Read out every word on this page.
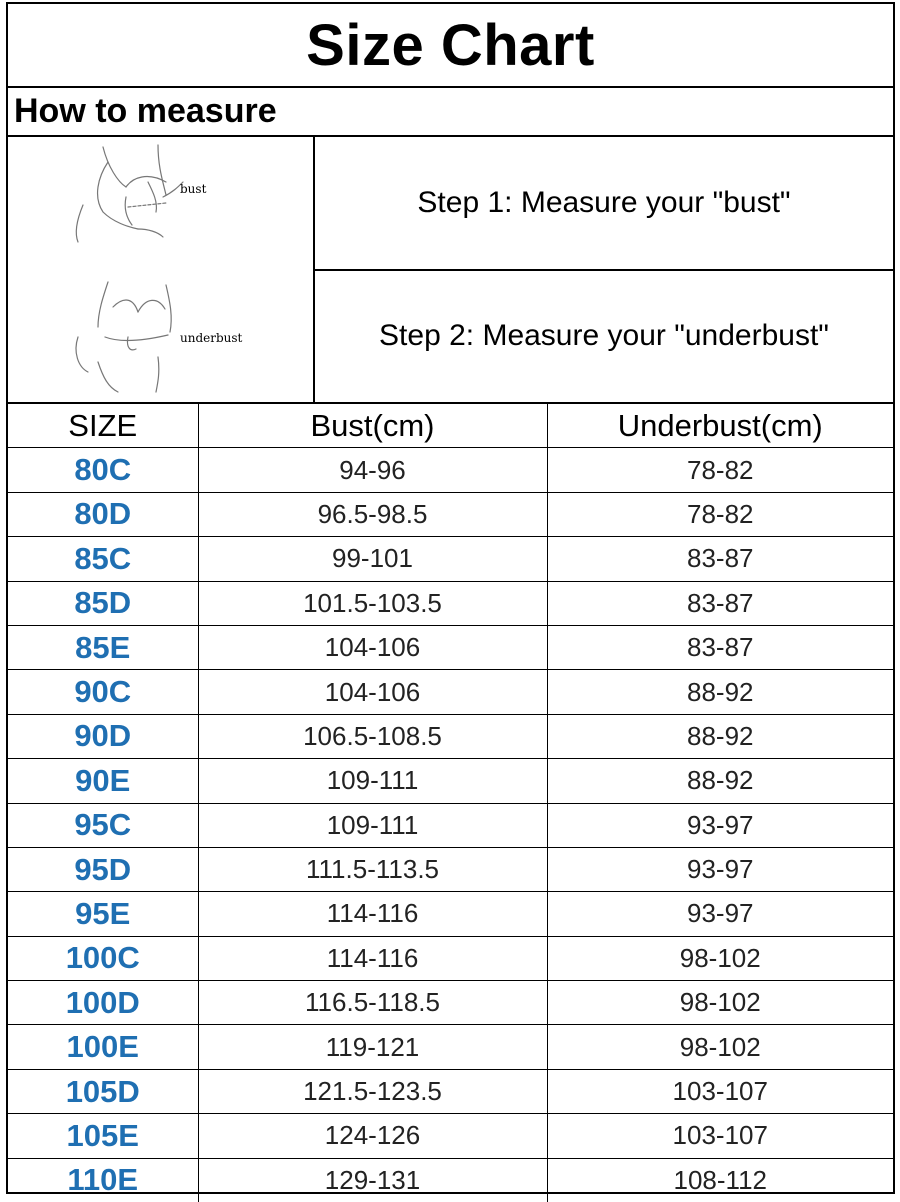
Size Chart
How to measure
bust
underbust
Step 1: Measure your "bust"
Step 2: Measure your "underbust"
SIZE	Bust(cm)	Underbust(cm)
80C	94-96	78-82
80D	96.5-98.5	78-82
85C	99-101	83-87
85D	101.5-103.5	83-87
85E	104-106	83-87
90C	104-106	88-92
90D	106.5-108.5	88-92
90E	109-111	88-92
95C	109-111	93-97
95D	111.5-113.5	93-97
95E	114-116	93-97
100C	114-116	98-102
100D	116.5-118.5	98-102
100E	119-121	98-102
105D	121.5-123.5	103-107
105E	124-126	103-107
110E	129-131	108-112
